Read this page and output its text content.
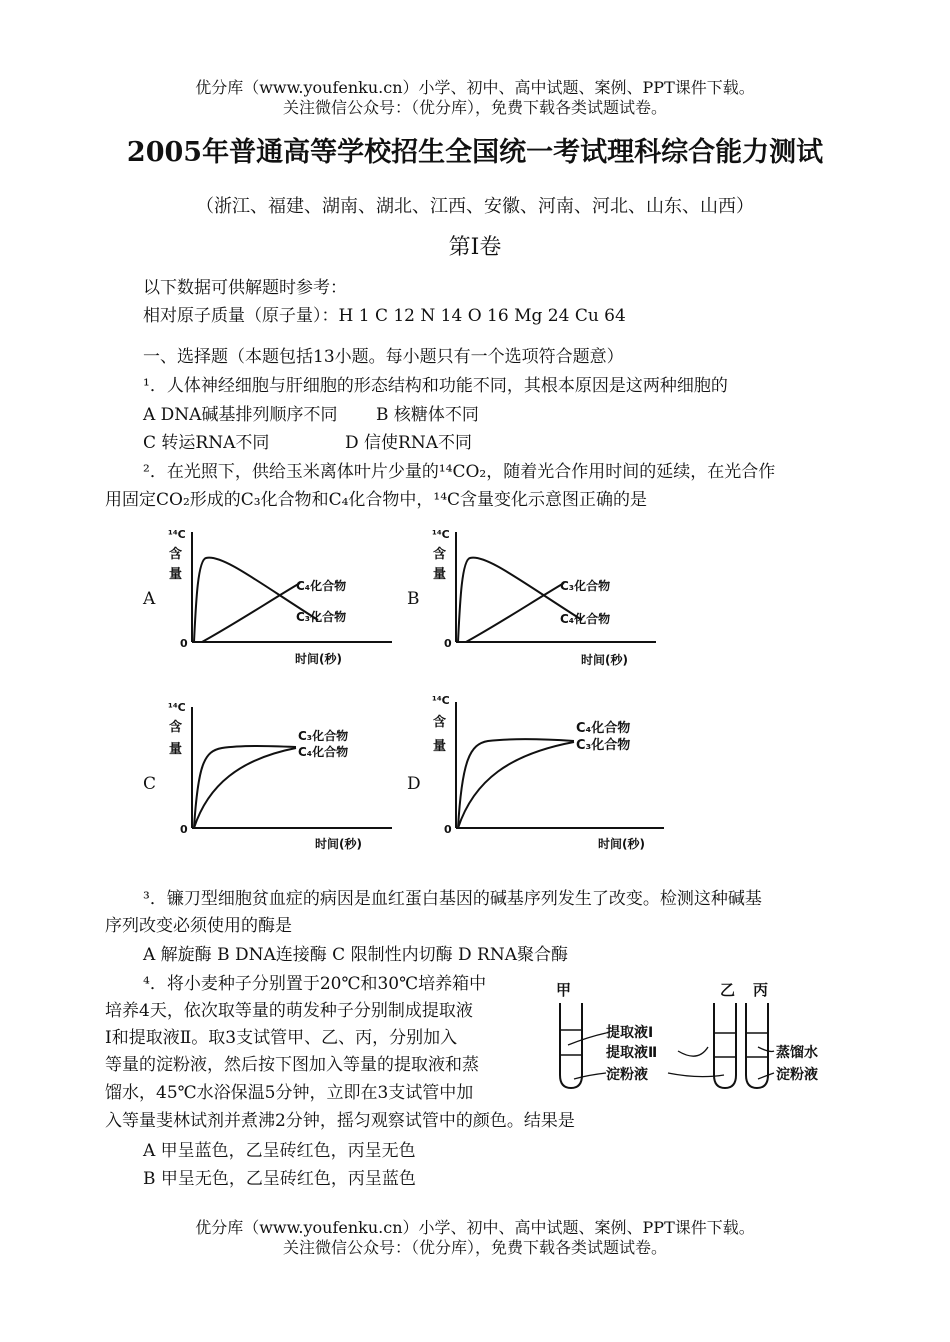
优分库（www.youfenku.cn）小学、初中、高中试题、案例、PPT课件下载。
关注微信公众号：（优分库），免费下载各类试题试卷。
2005年普通高等学校招生全国统一考试理科综合能力测试
（浙江、福建、湖南、湖北、江西、安徽、河南、河北、山东、山西）
第I卷
以下数据可供解题时参考：
相对原子质量（原子量）：H 1 C 12 N 14 O 16 Mg 24 Cu 64
一、选择题（本题包括13小题。每小题只有一个选项符合题意）
¹．人体神经细胞与肝细胞的形态结构和功能不同，其根本原因是这两种细胞的
A DNA碱基排列顺序不同 B 核糖体不同
C 转运RNA不同	D 信使RNA不同
²．在光照下，供给玉米离体叶片少量的¹⁴CO₂，随着光合作用时间的延续，在光合作
用固定CO₂形成的C₃化合物和C₄化合物中，¹⁴C含量变化示意图正确的是
A	B
C	D
¹⁴C
含
量
0
时间(秒)
C₄化合物
C₃化合物
¹⁴C
含
量
0
时间(秒)
C₃化合物
C₄化合物
¹⁴C
含
量
0
时间(秒)
C₃化合物
C₄化合物
¹⁴C
含
量
0
时间(秒)
C₄化合物
C₃化合物
³．镰刀型细胞贫血症的病因是血红蛋白基因的碱基序列发生了改变。检测这种碱基
序列改变必须使用的酶是
A 解旋酶 B DNA连接酶 C 限制性内切酶 D RNA聚合酶
⁴．将小麦种子分别置于20℃和30℃培养箱中
培养4天，依次取等量的萌发种子分别制成提取液
I和提取液Ⅱ。取3支试管甲、乙、丙，分别加入
等量的淀粉液，然后按下图加入等量的提取液和蒸
馏水，45℃水浴保温5分钟，立即在3支试管中加
入等量斐林试剂并煮沸2分钟，摇匀观察试管中的颜色。结果是
A 甲呈蓝色，乙呈砖红色，丙呈无色
B 甲呈无色，乙呈砖红色，丙呈蓝色
甲	乙 丙
提取液Ⅰ
提取液Ⅱ
淀粉液
蒸馏水
淀粉液
优分库（www.youfenku.cn）小学、初中、高中试题、案例、PPT课件下载。
关注微信公众号：（优分库），免费下载各类试题试卷。
